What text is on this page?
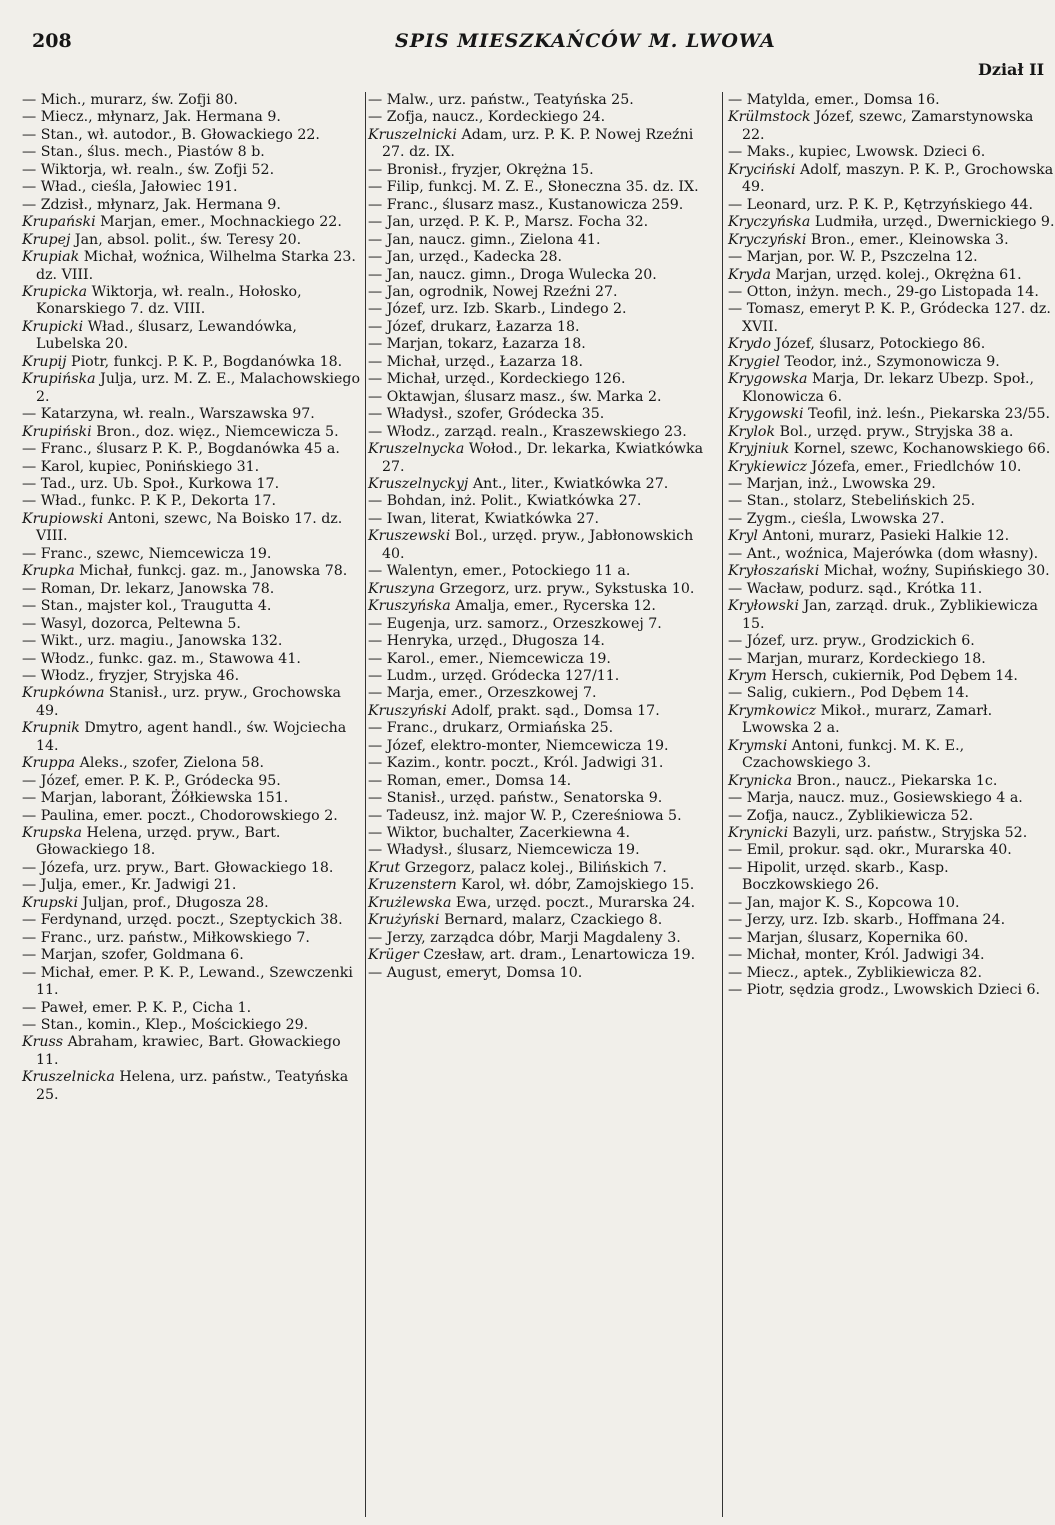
208	SPIS MIESZKAŃCÓW M. LWOWA
Dział II
— Mich., murarz, św. Zofji 80.
— Miecz., młynarz, Jak. Hermana 9.
— Stan., wł. autodor., B. Głowackiego 22.
— Stan., ślus. mech., Piastów 8 b.
— Wiktorja, wł. realn., św. Zofji 52.
— Wład., cieśla, Jałowiec 191.
— Zdzisł., młynarz, Jak. Hermana 9.
Krupański Marjan, emer., Mochnackiego 22.
Krupej Jan, absol. polit., św. Teresy 20.
Krupiak Michał, woźnica, Wilhelma Starka 23. dz. VIII.
Krupicka Wiktorja, wł. realn., Hołosko, Konarskiego 7. dz. VIII.
Krupicki Wład., ślusarz, Lewandówka, Lubelska 20.
Krupij Piotr, funkcj. P. K. P., Bogdanówka 18.
Krupińska Julja, urz. M. Z. E., Malachowskiego 2.
— Katarzyna, wł. realn., Warszawska 97.
Krupiński Bron., doz. więz., Niemcewicza 5.
— Franc., ślusarz P. K. P., Bogdanówka 45 a.
— Karol, kupiec, Ponińskiego 31.
— Tad., urz. Ub. Społ., Kurkowa 17.
— Wład., funkc. P. K P., Dekorta 17.
Krupiowski Antoni, szewc, Na Boisko 17. dz. VIII.
— Franc., szewc, Niemcewicza 19.
Krupka Michał, funkcj. gaz. m., Janowska 78.
— Roman, Dr. lekarz, Janowska 78.
— Stan., majster kol., Traugutta 4.
— Wasyl, dozorca, Peltewna 5.
— Wikt., urz. magiu., Janowska 132.
— Włodz., funkc. gaz. m., Stawowa 41.
— Włodz., fryzjer, Stryjska 46.
Krupkówna Stanisł., urz. pryw., Grochowska 49.
Krupnik Dmytro, agent handl., św. Wojciecha 14.
Kruppa Aleks., szofer, Zielona 58.
— Józef, emer. P. K. P., Gródecka 95.
— Marjan, laborant, Żółkiewska 151.
— Paulina, emer. poczt., Chodorowskiego 2.
Krupska Helena, urzęd. pryw., Bart. Głowackiego 18.
— Józefa, urz. pryw., Bart. Głowackiego 18.
— Julja, emer., Kr. Jadwigi 21.
Krupski Juljan, prof., Długosza 28.
— Ferdynand, urzęd. poczt., Szeptyckich 38.
— Franc., urz. państw., Miłkowskiego 7.
— Marjan, szofer, Goldmana 6.
— Michał, emer. P. K. P., Lewand., Szewczenki 11.
— Paweł, emer. P. K. P., Cicha 1.
— Stan., komin., Klep., Mościckiego 29.
Kruss Abraham, krawiec, Bart. Głowackiego 11.
Kruszelnicka Helena, urz. państw., Teatyńska 25.
— Malw., urz. państw., Teatyńska 25.
— Zofja, naucz., Kordeckiego 24.
Kruszelnicki Adam, urz. P. K. P. Nowej Rzeźni 27. dz. IX.
— Bronisł., fryzjer, Okrężna 15.
— Filip, funkcj. M. Z. E., Słoneczna 35. dz. IX.
— Franc., ślusarz masz., Kustanowicza 259.
— Jan, urzęd. P. K. P., Marsz. Focha 32.
— Jan, naucz. gimn., Zielona 41.
— Jan, urzęd., Kadecka 28.
— Jan, naucz. gimn., Droga Wulecka 20.
— Jan, ogrodnik, Nowej Rzeźni 27.
— Józef, urz. Izb. Skarb., Lindego 2.
— Józef, drukarz, Łazarza 18.
— Marjan, tokarz, Łazarza 18.
— Michał, urzęd., Łazarza 18.
— Michał, urzęd., Kordeckiego 126.
— Oktawjan, ślusarz masz., św. Marka 2.
— Władysł., szofer, Gródecka 35.
— Włodz., zarząd. realn., Kraszewskiego 23.
Kruszelnycka Wołod., Dr. lekarka, Kwiatkówka 27.
Kruszelnyckyj Ant., liter., Kwiatkówka 27.
— Bohdan, inż. Polit., Kwiatkówka 27.
— Iwan, literat, Kwiatkówka 27.
Kruszewski Bol., urzęd. pryw., Jabłonowskich 40.
— Walentyn, emer., Potockiego 11 a.
Kruszyna Grzegorz, urz. pryw., Sykstuska 10.
Kruszyńska Amalja, emer., Rycerska 12.
— Eugenja, urz. samorz., Orzeszkowej 7.
— Henryka, urzęd., Długosza 14.
— Karol., emer., Niemcewicza 19.
— Ludm., urzęd. Gródecka 127/11.
— Marja, emer., Orzeszkowej 7.
Kruszyński Adolf, prakt. sąd., Domsa 17.
— Franc., drukarz, Ormiańska 25.
— Józef, elektro-monter, Niemcewicza 19.
— Kazim., kontr. poczt., Król. Jadwigi 31.
— Roman, emer., Domsa 14.
— Stanisł., urzęd. państw., Senatorska 9.
— Tadeusz, inż. major W. P., Czereśniowa 5.
— Wiktor, buchalter, Zacerkiewna 4.
— Władysł., ślusarz, Niemcewicza 19.
Krut Grzegorz, palacz kolej., Bilińskich 7.
Kruzenstern Karol, wł. dóbr, Zamojskiego 15.
Krużlewska Ewa, urzęd. poczt., Murarska 24.
Krużyński Bernard, malarz, Czackiego 8.
— Jerzy, zarządca dóbr, Marji Magdaleny 3.
Krüger Czesław, art. dram., Lenartowicza 19.
— August, emeryt, Domsa 10.
— Matylda, emer., Domsa 16.
Krülmstock Józef, szewc, Zamarstynowska 22.
— Maks., kupiec, Lwowsk. Dzieci 6.
Kryciński Adolf, maszyn. P. K. P., Grochowska 49.
— Leonard, urz. P. K. P., Kętrzyńskiego 44.
Kryczyńska Ludmiła, urzęd., Dwernickiego 9.
Kryczyński Bron., emer., Kleinowska 3.
— Marjan, por. W. P., Pszczelna 12.
Kryda Marjan, urzęd. kolej., Okrężna 61.
— Otton, inżyn. mech., 29-go Listopada 14.
— Tomasz, emeryt P. K. P., Gródecka 127. dz. XVII.
Krydo Józef, ślusarz, Potockiego 86.
Krygiel Teodor, inż., Szymonowicza 9.
Krygowska Marja, Dr. lekarz Ubezp. Społ., Klonowicza 6.
Krygowski Teofil, inż. leśn., Piekarska 23/55.
Krylok Bol., urzęd. pryw., Stryjska 38 a.
Kryjniuk Kornel, szewc, Kochanowskiego 66.
Krykiewicz Józefa, emer., Friedlchów 10.
— Marjan, inż., Lwowska 29.
— Stan., stolarz, Stebelińskich 25.
— Zygm., cieśla, Lwowska 27.
Kryl Antoni, murarz, Pasieki Halkie 12.
— Ant., woźnica, Majerówka (dom własny).
Kryłoszański Michał, woźny, Supińskiego 30.
— Wacław, podurz. sąd., Krótka 11.
Kryłowski Jan, zarząd. druk., Zyblikiewicza 15.
— Józef, urz. pryw., Grodzickich 6.
— Marjan, murarz, Kordeckiego 18.
Krym Hersch, cukiernik, Pod Dębem 14.
— Salig, cukiern., Pod Dębem 14.
Krymkowicz Mikoł., murarz, Zamarł. Lwowska 2 a.
Krymski Antoni, funkcj. M. K. E., Czachowskiego 3.
Krynicka Bron., naucz., Piekarska 1c.
— Marja, naucz. muz., Gosiewskiego 4 a.
— Zofja, naucz., Zyblikiewicza 52.
Krynicki Bazyli, urz. państw., Stryjska 52.
— Emil, prokur. sąd. okr., Murarska 40.
— Hipolit, urzęd. skarb., Kasp. Boczkowskiego 26.
— Jan, major K. S., Kopcowa 10.
— Jerzy, urz. Izb. skarb., Hoffmana 24.
— Marjan, ślusarz, Kopernika 60.
— Michał, monter, Król. Jadwigi 34.
— Miecz., aptek., Zyblikiewicza 82.
— Piotr, sędzia grodz., Lwowskich Dzieci 6.
